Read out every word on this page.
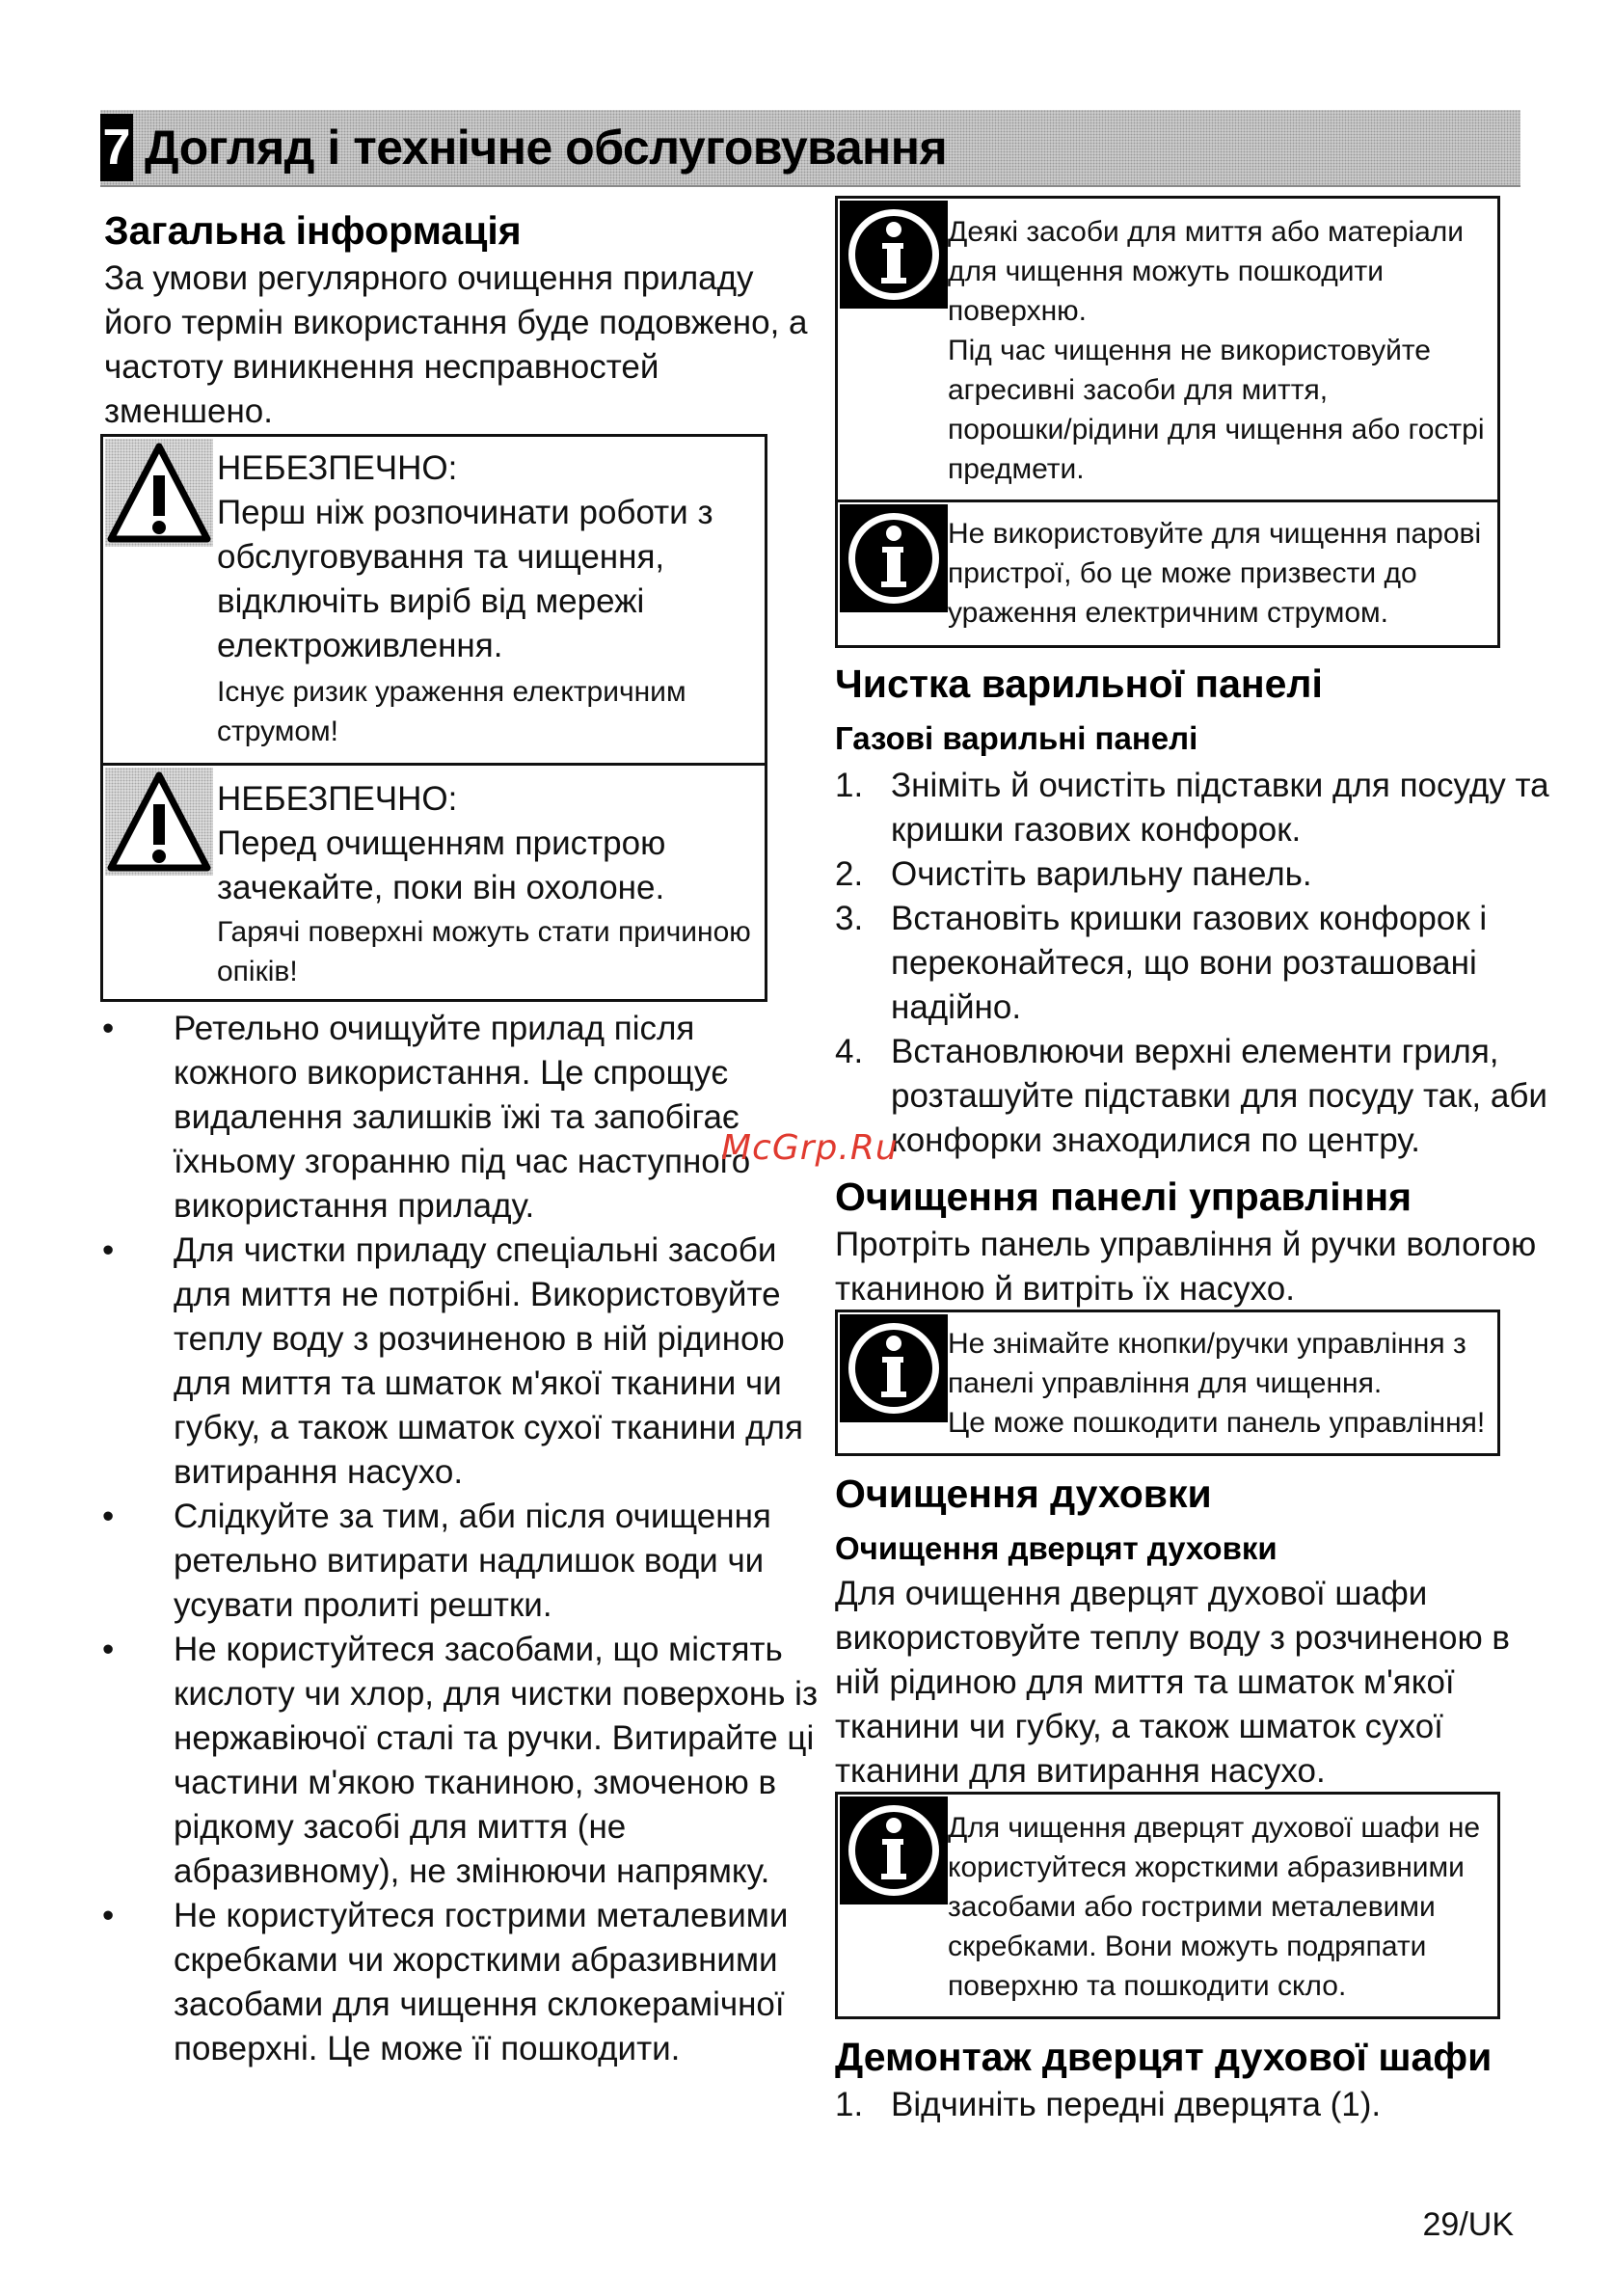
7 Догляд і технічне обслуговування
Загальна інформація
За умови регулярного очищення приладу
його термін використання буде подовжено, а
частоту виникнення несправностей
зменшено.
НЕБЕЗПЕЧНО:
Перш ніж розпочинати роботи з
обслуговування та чищення,
відключіть виріб від мережі
електроживлення.
Існує ризик ураження електричним
струмом!
НЕБЕЗПЕЧНО:
Перед очищенням пристрою
зачекайте, поки він охолоне.
Гарячі поверхні можуть стати причиною
опіків!
• Ретельно очищуйте прилад після
кожного використання. Це спрощує
видалення залишків їжі та запобігає
їхньому згоранню під час наступного
використання приладу.
• Для чистки приладу спеціальні засоби
для миття не потрібні. Використовуйте
теплу воду з розчиненою в ній рідиною
для миття та шматок м'якої тканини чи
губку, а також шматок сухої тканини для
витирання насухо.
• Слідкуйте за тим, аби після очищення
ретельно витирати надлишок води чи
усувати пролиті рештки.
• Не користуйтеся засобами, що містять
кислоту чи хлор, для чистки поверхонь із
нержавіючої сталі та ручки. Витирайте ці
частини м'якою тканиною, змоченою в
рідкому засобі для миття (не
абразивному), не змінюючи напрямку.
• Не користуйтеся гострими металевими
скребками чи жорсткими абразивними
засобами для чищення склокерамічної
поверхні. Це може її пошкодити.
Деякі засоби для миття або матеріали
для чищення можуть пошкодити
поверхню.
Під час чищення не використовуйте
агресивні засоби для миття,
порошки/рідини для чищення або гострі
предмети.
Не використовуйте для чищення парові
пристрої, бо це може призвести до
ураження електричним струмом.
Чистка варильної панелі
Газові варильні панелі
1. Зніміть й очистіть підставки для посуду та
кришки газових конфорок.
2. Очистіть варильну панель.
3. Встановіть кришки газових конфорок і
переконайтеся, що вони розташовані
надійно.
4. Встановлюючи верхні елементи гриля,
розташуйте підставки для посуду так, аби
конфорки знаходилися по центру.
Очищення панелі управління
Протріть панель управління й ручки вологою
тканиною й витріть їх насухо.
Не знімайте кнопки/ручки управління з
панелі управління для чищення.
Це може пошкодити панель управління!
Очищення духовки
Очищення дверцят духовки
Для очищення дверцят духової шафи
використовуйте теплу воду з розчиненою в
ній рідиною для миття та шматок м'якої
тканини чи губку, а також шматок сухої
тканини для витирання насухо.
Для чищення дверцят духової шафи не
користуйтеся жорсткими абразивними
засобами або гострими металевими
скребками. Вони можуть подряпати
поверхню та пошкодити скло.
Демонтаж дверцят духової шафи
1. Відчиніть передні дверцята (1).
McGrp.Ru
29/UK
